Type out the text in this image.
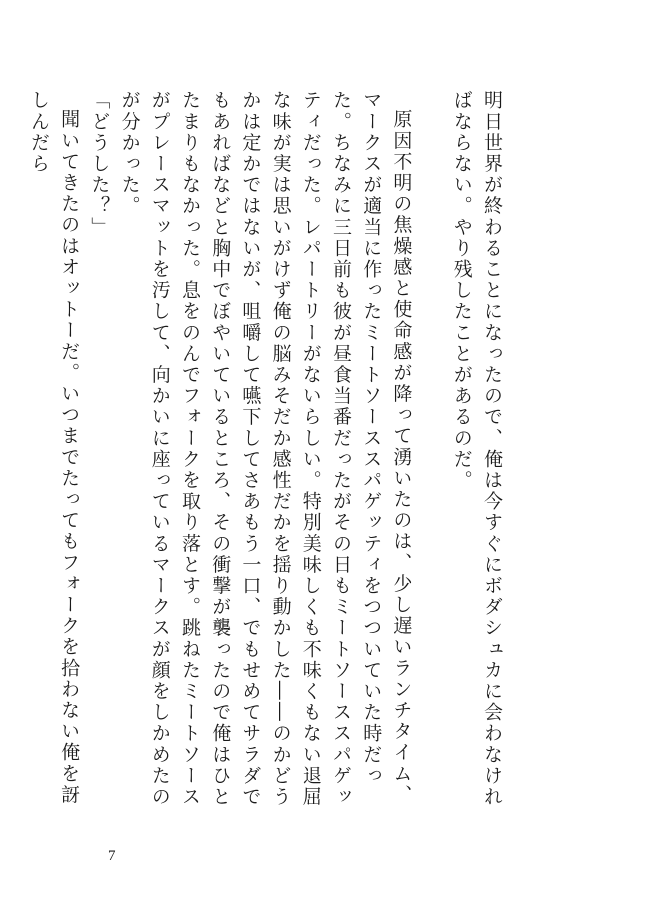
明日世界が終わることになったので、俺は今すぐにボダシュカに会わなければならない。やり残したことがあるのだ。

原因不明の焦燥感と使命感が降って湧いたのは、少し遅いランチタイム、マークスが適当に作ったミートソーススパゲッティをつついていた時だった。ちなみに三日前も彼が昼食当番だったがその日もミートソーススパゲッティだった。レパートリーがないらしい。特別美味しくも不味くもない退屈な味が実は思いがけず俺の脳みそだか感性だかを揺り動かした――のかどうかは定かではないが、咀嚼して嚥下してさあもう一口、でもせめてサラダでもあればなどと胸中でぼやいているところ、その衝撃が襲ったので俺はひとたまりもなかった。息をのんでフォークを取り落とす。跳ねたミートソースがプレースマットを汚して、向かいに座っているマークスが顔をしかめたのが分かった。

「どうした？」

聞いてきたのはオットーだ。いつまでたってもフォークを拾わない俺を訝しんだら

7
